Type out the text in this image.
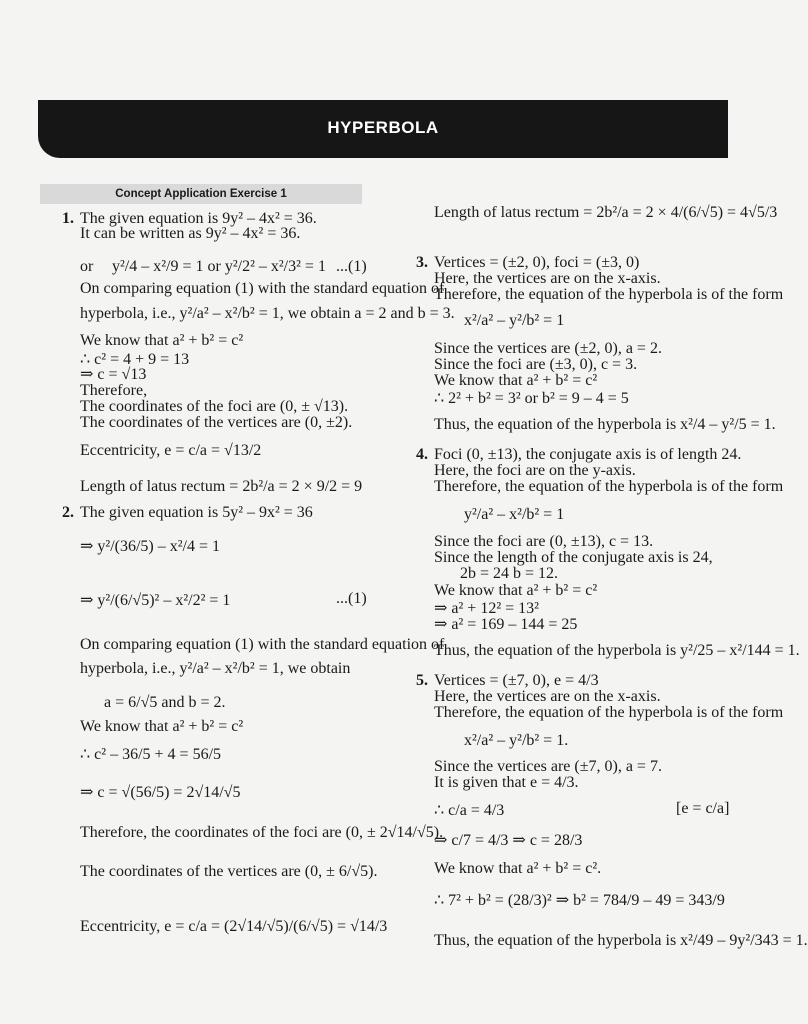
HYPERBOLA
Concept Application Exercise 1
1. The given equation is 9y² – 4x² = 36.
It can be written as 9y² – 4x² = 36.
or y²/4 – x²/9 = 1 or y²/2² – x²/3² = 1 ...(1)
On comparing equation (1) with the standard equation of
hyperbola, i.e., y²/a² – x²/b² = 1, we obtain a = 2 and b = 3.
We know that a² + b² = c²
∴ c² = 4 + 9 = 13
⇒ c = √13
Therefore,
The coordinates of the foci are (0, ± √13).
The coordinates of the vertices are (0, ±2).
Eccentricity, e = c/a = √13/2
Length of latus rectum = 2b²/a = 2 × 9/2 = 9
2. The given equation is 5y² – 9x² = 36
⇒ y²/(36/5) – x²/4 = 1
⇒ y²/(6/√5)² – x²/2² = 1	...(1)
On comparing equation (1) with the standard equation of
hyperbola, i.e., y²/a² – x²/b² = 1, we obtain
a = 6/√5 and b = 2.
We know that a² + b² = c²
∴ c² – 36/5 + 4 = 56/5
⇒ c = √(56/5) = 2√14/√5
Therefore, the coordinates of the foci are (0, ± 2√14/√5).
The coordinates of the vertices are (0, ± 6/√5).
Eccentricity, e = c/a = (2√14/√5)/(6/√5) = √14/3
Length of latus rectum = 2b²/a = 2 × 4/(6/√5) = 4√5/3
3. Vertices = (±2, 0), foci = (±3, 0)
Here, the vertices are on the x-axis.
Therefore, the equation of the hyperbola is of the form
x²/a² – y²/b² = 1
Since the vertices are (±2, 0), a = 2.
Since the foci are (±3, 0), c = 3.
We know that a² + b² = c²
∴ 2² + b² = 3² or b² = 9 – 4 = 5
Thus, the equation of the hyperbola is x²/4 – y²/5 = 1.
4. Foci (0, ±13), the conjugate axis is of length 24.
Here, the foci are on the y-axis.
Therefore, the equation of the hyperbola is of the form
y²/a² – x²/b² = 1
Since the foci are (0, ±13), c = 13.
Since the length of the conjugate axis is 24,
2b = 24 b = 12.
We know that a² + b² = c²
⇒ a² + 12² = 13²
⇒ a² = 169 – 144 = 25
Thus, the equation of the hyperbola is y²/25 – x²/144 = 1.
5. Vertices = (±7, 0), e = 4/3
Here, the vertices are on the x-axis.
Therefore, the equation of the hyperbola is of the form
x²/a² – y²/b² = 1.
Since the vertices are (±7, 0), a = 7.
It is given that e = 4/3.
∴ c/a = 4/3	[e = c/a]
⇒ c/7 = 4/3 ⇒ c = 28/3
We know that a² + b² = c².
∴ 7² + b² = (28/3)² ⇒ b² = 784/9 – 49 = 343/9
Thus, the equation of the hyperbola is x²/49 – 9y²/343 = 1.
